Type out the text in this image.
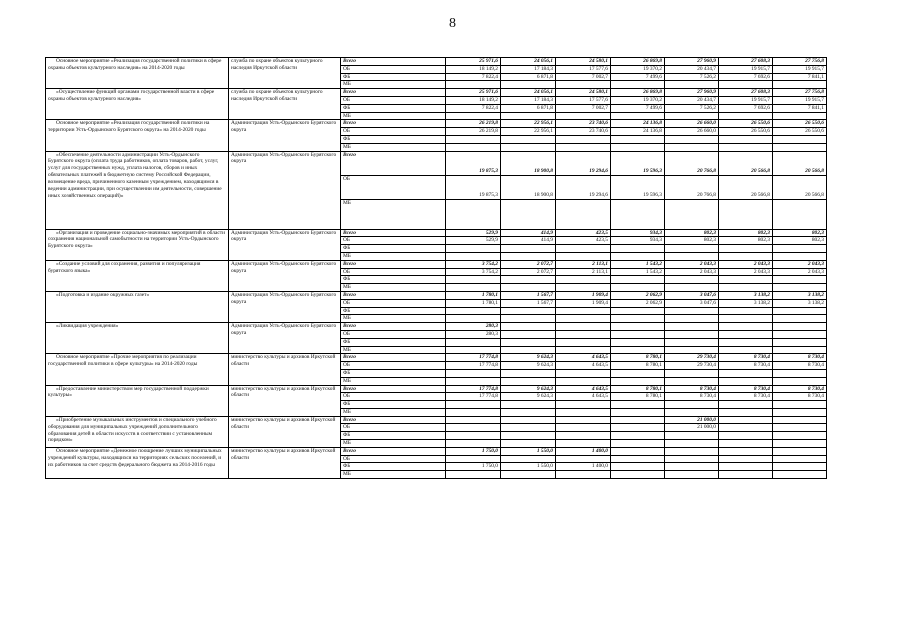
8
Основное мероприятие «Реализация государственной политики в сфере охраны объектов культурного наследия» на 2014-2020 годы	служба по охране объектов культурного наследия Иркутской области	Всего	25 971,6	24 056,1	24 580,1	26 869,8	27 960,9	27 608,3	27 756,8
		ОБ	18 149,2	17 184,3	17 577,6	19 370,2	20 434,7	19 915,7	19 915,7
		ФБ	7 822,4	6 871,8	7 002,7	7 499,6	7 526,2	7 692,6	7 841,1
		МБ							
«Осуществление функций органами государственной власти в сфере охраны объектов культурного наследия»	служба по охране объектов культурного наследия Иркутской области	Всего	25 971,6	24 056,1	24 580,1	26 869,8	27 960,9	27 608,3	27 756,8
		ОБ	18 149,2	17 184,3	17 577,6	19 370,2	20 434,7	19 915,7	19 915,7
		ФБ	7 822,4	6 871,8	7 002,7	7 499,6	7 526,2	7 692,6	7 841,1
		МБ							
Основное мероприятие «Реализация государственной политики на территории Усть-Ордынского Бурятского округа» на 2014-2020 годы	Администрация Усть-Ордынского Бурятского округа	Всего	26 219,8	22 956,1	23 740,6	24 136,8	26 660,0	26 550,6	26 550,6
		ОБ	26 219,8	22 956,1	23 740,6	24 136,8	26 660,0	26 550,6	26 550,6
		ФБ							
		МБ							
«Обеспечение деятельности администрации Усть-Ордынского Бурятского округа (оплата труда работников, оплата товаров, работ, услуг, услуг для государственных нужд, уплата налогов, сборов и иных обязательных платежей в бюджетную систему Российской Федерации, возмещение вреда, причиненного казенным учреждением, находящимся в ведении администрации, при осуществлении им деятельности, совершение иных хозяйственных операций)»	Администрация Усть-Ордынского Бурятского округа	Всего	19 875,3	18 900,8	19 294,6	19 596,3	20 766,8	20 566,8	20 566,8
		ОБ	19 875,3	18 900,8	19 294,6	19 596,3	20 766,8	20 566,8	20 566,8
		МБ							
«Организация и проведение социально-значимых мероприятий в области сохранения национальной самобытности на территории Усть-Ордынского Бурятского округа»	Администрация Усть-Ордынского Бурятского округа	Всего	529,9	414,9	423,5	934,3	802,3	802,3	802,3
		ОБ	529,9	414,9	423,5	934,3	802,3	802,3	802,3
		ФБ							
		МБ							
«Создание условий для сохранения, развития и популяризация бурятского языка»	Администрация Усть-Ордынского Бурятского округа	Всего	3 754,2	2 072,7	2 113,1	1 543,2	2 043,3	2 043,3	2 043,3
		ОБ	3 754,2	2 072,7	2 113,1	1 543,2	2 043,3	2 043,3	2 043,3
		ФБ							
		МБ							
«Подготовка и издание окружных газет»	Администрация Усть-Ордынского Бурятского округа	Всего	1 780,1	1 567,7	1 909,4	2 062,9	3 047,6	3 138,2	3 138,2
		ОБ	1 780,1	1 567,7	1 909,4	2 062,9	3 047,6	3 138,2	3 138,2
		ФБ							
		МБ							
«Ликвидация учреждения»	Администрация Усть-Ордынского Бурятского округа	Всего	280,3						
		ОБ	280,3						
		ФБ							
		МБ							
Основное мероприятие «Прочие мероприятия по реализации государственной политики в сфере культуры» на 2014-2020 годы	министерство культуры и архивов Иркутской области	Всего	17 774,8	9 624,3	4 643,5	8 780,1	29 730,4	8 730,4	8 730,4
		ОБ	17 774,8	9 624,3	4 643,5	8 780,1	29 730,4	8 730,4	8 730,4
		ФБ							
		МБ							
«Предоставление министерством мер государственной поддержки культуры»	министерство культуры и архивов Иркутской области	Всего	17 774,8	9 624,3	4 643,5	8 780,1	8 730,4	8 730,4	8 730,4
		ОБ	17 774,8	9 624,3	4 643,5	8 780,1	8 730,4	8 730,4	8 730,4
		ФБ							
		МБ							
«Приобретение музыкальных инструментов и специального учебного оборудования для муниципальных учреждений дополнительного образования детей в области искусств в соответствии с установленным порядком»	министерство культуры и архивов Иркутской области	Всего					21 000,0		
		ОБ					21 000,0		
		ФБ							
		МБ							
Основное мероприятие «Денежное поощрение лучших муниципальных учреждений культуры, находящихся на территориях сельских поселений, и их работников за счет средств федерального бюджета на 2014-2016 годы	министерство культуры и архивов Иркутской области	Всего	1 750,0	1 550,0	1 400,0				
		ОБ							
		ФБ	1 750,0	1 550,0	1 400,0				
		МБ							
